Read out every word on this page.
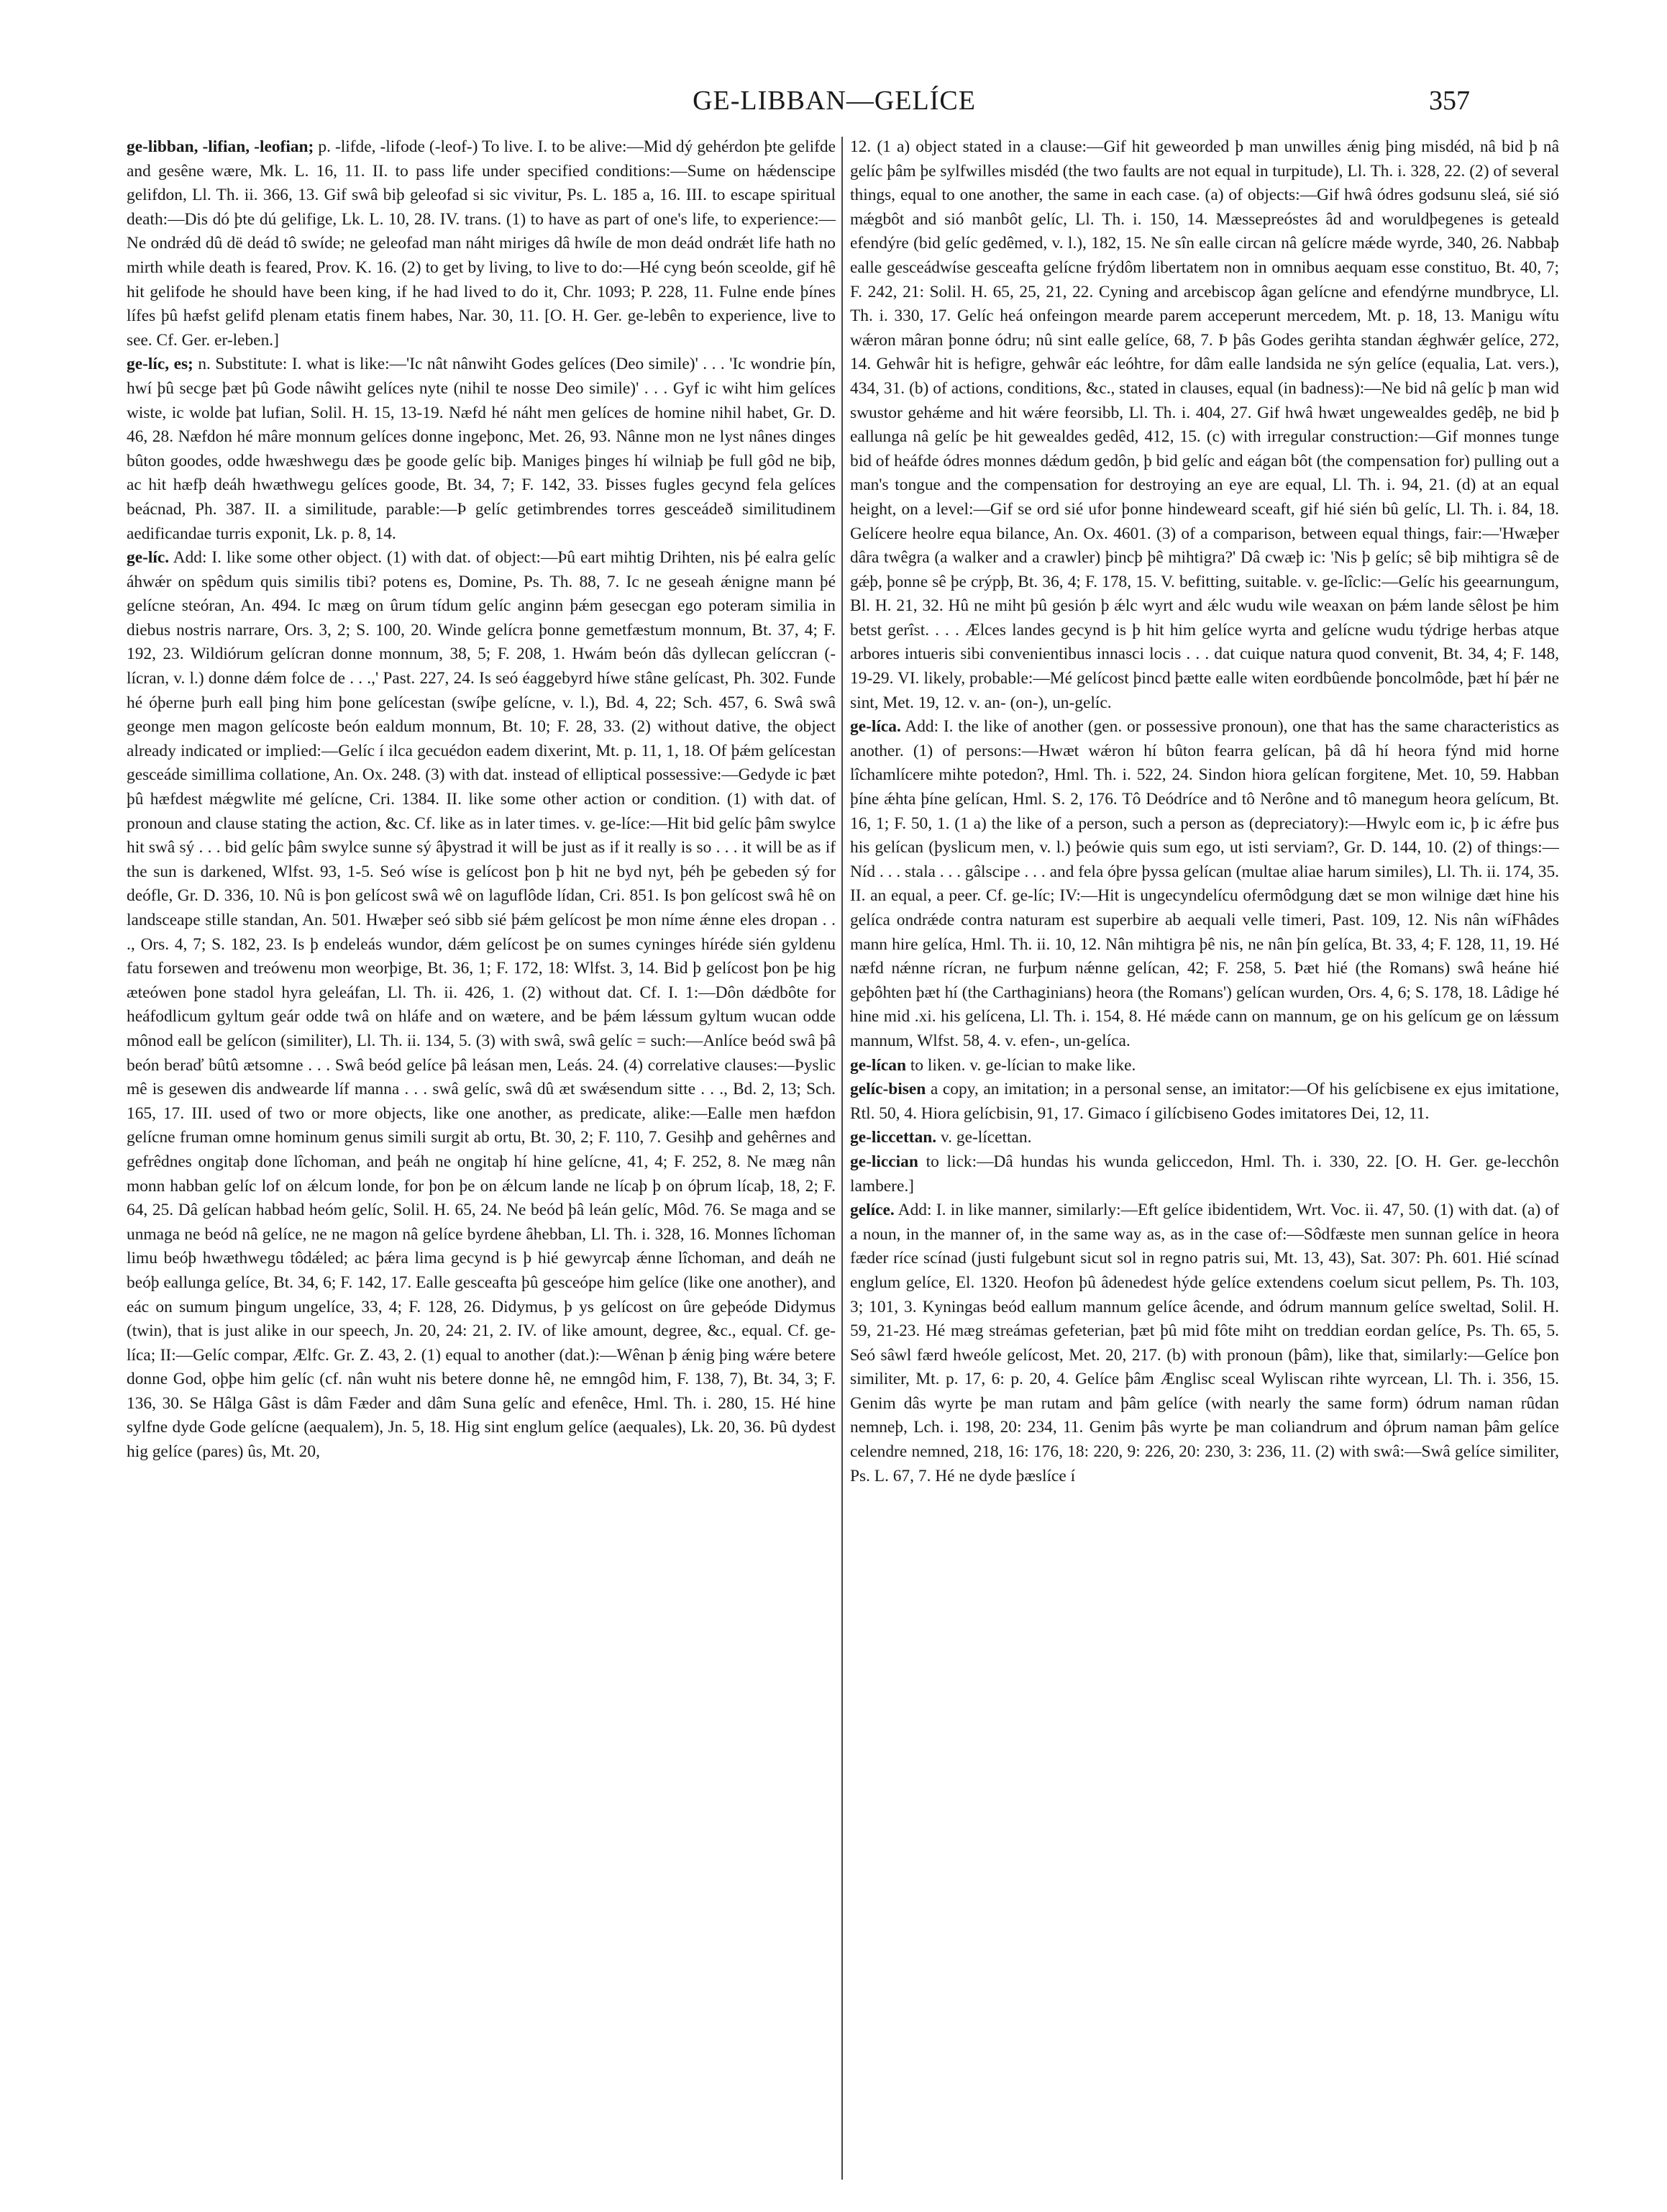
GE-LIBBAN—GELÍCE	357

ge-libban, -lifian, -leofian; p. -lifde, -lifode (-leof-) To live. I. to be alive:—Mid dý gehérdon þte gelifde and gesêne wære, Mk. L. 16, 11. II. to pass life under specified conditions:—Sume on hǽdenscipe gelifdon, Ll. Th. ii. 366, 13. Gif swâ biþ geleofad si sic vivitur, Ps. L. 185 a, 16. III. to escape spiritual death:—Dis dó þte dú gelifige, Lk. L. 10, 28. IV. trans. (1) to have as part of one's life, to experience:—Ne ondrǽd dû dë deád tô swíde; ne geleofad man náht miriges dâ hwíle de mon deád ondrǽt life hath no mirth while death is feared, Prov. K. 16. (2) to get by living, to live to do:—Hé cyng beón sceolde, gif hê hit gelifode he should have been king, if he had lived to do it, Chr. 1093; P. 228, 11. Fulne ende þínes lífes þû hæfst gelifd plenam etatis finem habes, Nar. 30, 11. [O. H. Ger. ge-lebên to experience, live to see. Cf. Ger. er-leben.]

ge-líc, es; n. Substitute: I. what is like:—'Ic nât nânwiht Godes gelíces (Deo simile)' . . . 'Ic wondrie þín, hwí þû secge þæt þû Gode nâwiht gelíces nyte (nihil te nosse Deo simile)' . . . Gyf ic wiht him gelíces wiste, ic wolde þat lufian, Solil. H. 15, 13-19. Næfd hé náht men gelíces de homine nihil habet, Gr. D. 46, 28. Næfdon hé mâre monnum gelíces donne ingeþonc, Met. 26, 93. Nânne mon ne lyst nânes dinges bûton goodes, odde hwæshwegu dæs þe goode gelíc biþ. Maniges þinges hí wilniaþ þe full gôd ne biþ, ac hit hæfþ deáh hwæthwegu gelíces goode, Bt. 34, 7; F. 142, 33. Þisses fugles gecynd fela gelíces beácnad, Ph. 387. II. a similitude, parable:—Þ gelíc getimbrendes torres gesceádeð similitudinem aedificandae turris exponit, Lk. p. 8, 14.

ge-líc. Add: I. like some other object. (1) with dat. of object:—Þû eart mihtig Drihten, nis þé ealra gelíc áhwǽr on spêdum quis similis tibi? potens es, Domine, Ps. Th. 88, 7. Ic ne geseah ǽnigne mann þé gelícne steóran, An. 494. Ic mæg on ûrum tídum gelíc anginn þǽm gesecgan ego poteram similia in diebus nostris narrare, Ors. 3, 2; S. 100, 20. Winde gelícra þonne gemetfæstum monnum, Bt. 37, 4; F. 192, 23. Wildiórum gelícran donne monnum, 38, 5; F. 208, 1. Hwám beón dâs dyllecan gelíccran (-lícran, v. l.) donne dǽm folce de . . .,' Past. 227, 24. Is seó éaggebyrd híwe stâne gelícast, Ph. 302. Funde hé óþerne þurh eall þing him þone gelícestan (swíþe gelícne, v. l.), Bd. 4, 22; Sch. 457, 6. Swâ swâ geonge men magon gelícoste beón ealdum monnum, Bt. 10; F. 28, 33. (2) without dative, the object already indicated or implied:—Gelíc í ilca gecuédon eadem dixerint, Mt. p. 11, 1, 18. Of þǽm gelícestan gesceáde simillima collatione, An. Ox. 248. (3) with dat. instead of elliptical possessive:—Gedyde ic þæt þû hæfdest mǽgwlite mé gelícne, Cri. 1384. II. like some other action or condition. (1) with dat. of pronoun and clause stating the action, &c. Cf. like as in later times. v. ge-líce:—Hit bid gelíc þâm swylce hit swâ sý . . . bid gelíc þâm swylce sunne sý âþystrad it will be just as if it really is so . . . it will be as if the sun is darkened, Wlfst. 93, 1-5. Seó wíse is gelícost þon þ hit ne byd nyt, þéh þe gebeden sý for deófle, Gr. D. 336, 10. Nû is þon gelícost swâ wê on laguflôde lídan, Cri. 851. Is þon gelícost swâ hê on landsceape stille standan, An. 501. Hwæþer seó sibb sié þǽm gelícost þe mon níme ǽnne eles dropan . . ., Ors. 4, 7; S. 182, 23. Is þ endeleás wundor, dǽm gelícost þe on sumes cyninges híréde sién gyldenu fatu forsewen and treówenu mon weorþige, Bt. 36, 1; F. 172, 18: Wlfst. 3, 14. Bid þ gelícost þon þe hig æteówen þone stadol hyra geleáfan, Ll. Th. ii. 426, 1. (2) without dat. Cf. I. 1:—Dôn dǽdbôte for heáfodlicum gyltum geár odde twâ on hláfe and on wætere, and be þǽm lǽssum gyltum wucan odde mônod eall be gelícon (similiter), Ll. Th. ii. 134, 5. (3) with swâ, swâ gelíc = such:—Anlíce beód swâ þâ beón beraď bûtû ætsomne . . . Swâ beód gelíce þâ leásan men, Leás. 24. (4) correlative clauses:—Þyslic mê is gesewen dis andwearde líf manna . . . swâ gelíc, swâ dû æt swǽsendum sitte . . ., Bd. 2, 13; Sch. 165, 17. III. used of two or more objects, like one another, as predicate, alike:—Ealle men hæfdon gelícne fruman omne hominum genus simili surgit ab ortu, Bt. 30, 2; F. 110, 7. Gesihþ and gehêrnes and gefrêdnes ongitaþ done lîchoman, and þeáh ne ongitaþ hí hine gelícne, 41, 4; F. 252, 8. Ne mæg nân monn habban gelíc lof on ǽlcum londe, for þon þe on ǽlcum lande ne lícaþ þ on óþrum lícaþ, 18, 2; F. 64, 25. Dâ gelícan habbad heóm gelíc, Solil. H. 65, 24. Ne beód þâ leán gelíc, Môd. 76. Se maga and se unmaga ne beód nâ gelíce, ne ne magon nâ gelíce byrdene âhebban, Ll. Th. i. 328, 16. Monnes lîchoman limu beóþ hwæthwegu tôdǽled; ac þǽra lima gecynd is þ hié gewyrcaþ ǽnne lîchoman, and deáh ne beóþ eallunga gelíce, Bt. 34, 6; F. 142, 17. Ealle gesceafta þû gesceópe him gelíce (like one another), and eác on sumum þingum ungelíce, 33, 4; F. 128, 26. Didymus, þ ys gelícost on ûre geþeóde Didymus (twin), that is just alike in our speech, Jn. 20, 24: 21, 2. IV. of like amount, degree, &c., equal. Cf. ge-líca; II:—Gelíc compar, Ælfc. Gr. Z. 43, 2. (1) equal to another (dat.):—Wênan þ ǽnig þing wǽre betere donne God, oþþe him gelíc (cf. nân wuht nis betere donne hê, ne emngôd him, F. 138, 7), Bt. 34, 3; F. 136, 30. Se Hâlga Gâst is dâm Fæder and dâm Suna gelíc and efenêce, Hml. Th. i. 280, 15. Hé hine sylfne dyde Gode gelícne (aequalem), Jn. 5, 18. Hig sint englum gelíce (aequales), Lk. 20, 36. Þû dydest hig gelíce (pares) ûs, Mt. 20,

12. (1 a) object stated in a clause:—Gif hit geweorded þ man unwilles ǽnig þing misdéd, nâ bid þ nâ gelíc þâm þe sylfwilles misdéd (the two faults are not equal in turpitude), Ll. Th. i. 328, 22. (2) of several things, equal to one another, the same in each case. (a) of objects:—Gif hwâ ódres godsunu sleá, sié sió mǽgbôt and sió manbôt gelíc, Ll. Th. i. 150, 14. Mæssepreóstes âd and woruldþegenes is geteald efendýre (bid gelíc gedêmed, v. l.), 182, 15. Ne sîn ealle circan nâ gelícre mǽde wyrde, 340, 26. Nabbaþ ealle gesceádwíse gesceafta gelícne frýdôm libertatem non in omnibus aequam esse constituo, Bt. 40, 7; F. 242, 21: Solil. H. 65, 25, 21, 22. Cyning and arcebiscop âgan gelícne and efendýrne mundbryce, Ll. Th. i. 330, 17. Gelíc heá onfeingon mearde parem acceperunt mercedem, Mt. p. 18, 13. Manigu wítu wǽron mâran þonne ódru; nû sint ealle gelíce, 68, 7. Þ þâs Godes gerihta standan ǽghwǽr gelíce, 272, 14. Gehwâr hit is hefigre, gehwâr eác leóhtre, for dâm ealle landsida ne sýn gelíce (equalia, Lat. vers.), 434, 31. (b) of actions, conditions, &c., stated in clauses, equal (in badness):—Ne bid nâ gelíc þ man wid swustor gehǽme and hit wǽre feorsibb, Ll. Th. i. 404, 27. Gif hwâ hwæt ungewealdes gedêþ, ne bid þ eallunga nâ gelíc þe hit gewealdes gedêd, 412, 15. (c) with irregular construction:—Gif monnes tunge bid of heáfde ódres monnes dǽdum gedôn, þ bid gelíc and eágan bôt (the compensation for) pulling out a man's tongue and the compensation for destroying an eye are equal, Ll. Th. i. 94, 21. (d) at an equal height, on a level:—Gif se ord sié ufor þonne hindeweard sceaft, gif hié sién bû gelíc, Ll. Th. i. 84, 18. Gelícere heolre equa bilance, An. Ox. 4601. (3) of a comparison, between equal things, fair:—'Hwæþer dâra twêgra (a walker and a crawler) þincþ þê mihtigra?' Dâ cwæþ ic: 'Nis þ gelíc; sê biþ mihtigra sê de gǽþ, þonne sê þe crýpþ, Bt. 36, 4; F. 178, 15. V. befitting, suitable. v. ge-lîclic:—Gelíc his geearnungum, Bl. H. 21, 32. Hû ne miht þû gesión þ ǽlc wyrt and ǽlc wudu wile weaxan on þǽm lande sêlost þe him betst gerîst. . . . Ælces landes gecynd is þ hit him gelíce wyrta and gelícne wudu týdrige herbas atque arbores intueris sibi convenientibus innasci locis . . . dat cuique natura quod convenit, Bt. 34, 4; F. 148, 19-29. VI. likely, probable:—Mé gelícost þincd þætte ealle witen eordbûende þoncolmôde, þæt hí þǽr ne sint, Met. 19, 12. v. an- (on-), un-gelíc.

ge-líca. Add: I. the like of another (gen. or possessive pronoun), one that has the same characteristics as another. (1) of persons:—Hwæt wǽron hí bûton fearra gelícan, þâ dâ hí heora fýnd mid horne lîchamlícere mihte potedon?, Hml. Th. i. 522, 24. Sindon hiora gelícan forgitene, Met. 10, 59. Habban þíne ǽhta þíne gelícan, Hml. S. 2, 176. Tô Deódríce and tô Nerône and tô manegum heora gelícum, Bt. 16, 1; F. 50, 1. (1 a) the like of a person, such a person as (depreciatory):—Hwylc eom ic, þ ic ǽfre þus his gelícan (þyslicum men, v. l.) þeówie quis sum ego, ut isti serviam?, Gr. D. 144, 10. (2) of things:—Níd . . . stala . . . gâlscipe . . . and fela óþre þyssa gelícan (multae aliae harum similes), Ll. Th. ii. 174, 35. II. an equal, a peer. Cf. ge-líc; IV:—Hit is ungecyndelícu ofermôdgung dæt se mon wilnige dæt hine his gelíca ondrǽde contra naturam est superbire ab aequali velle timeri, Past. 109, 12. Nis nân wíFhâdes mann hire gelíca, Hml. Th. ii. 10, 12. Nân mihtigra þê nis, ne nân þín gelíca, Bt. 33, 4; F. 128, 11, 19. Hé næfd nǽnne rícran, ne furþum nǽnne gelícan, 42; F. 258, 5. Þæt hié (the Romans) swâ heáne hié geþôhten þæt hí (the Carthaginians) heora (the Romans') gelícan wurden, Ors. 4, 6; S. 178, 18. Lâdige hé hine mid .xi. his gelícena, Ll. Th. i. 154, 8. Hé mǽde cann on mannum, ge on his gelícum ge on lǽssum mannum, Wlfst. 58, 4. v. efen-, un-gelíca.

ge-lícan to liken. v. ge-lícian to make like.

gelíc-bisen a copy, an imitation; in a personal sense, an imitator:—Of his gelícbisene ex ejus imitatione, Rtl. 50, 4. Hiora gelícbisin, 91, 17. Gimaco í gilícbiseno Godes imitatores Dei, 12, 11.

ge-liccettan. v. ge-lícettan.

ge-liccian to lick:—Dâ hundas his wunda geliccedon, Hml. Th. i. 330, 22. [O. H. Ger. ge-lecchôn lambere.]

gelíce. Add: I. in like manner, similarly:—Eft gelíce ibidentidem, Wrt. Voc. ii. 47, 50. (1) with dat. (a) of a noun, in the manner of, in the same way as, as in the case of:—Sôdfæste men sunnan gelíce in heora fæder ríce scínad (justi fulgebunt sicut sol in regno patris sui, Mt. 13, 43), Sat. 307: Ph. 601. Hié scínad englum gelíce, El. 1320. Heofon þû âdenedest hýde gelíce extendens coelum sicut pellem, Ps. Th. 103, 3; 101, 3. Kyningas beód eallum mannum gelíce âcende, and ódrum mannum gelíce sweltad, Solil. H. 59, 21-23. Hé mæg streámas gefeterian, þæt þû mid fôte miht on treddian eordan gelíce, Ps. Th. 65, 5. Seó sâwl færd hweóle gelícost, Met. 20, 217. (b) with pronoun (þâm), like that, similarly:—Gelíce þon similiter, Mt. p. 17, 6: p. 20, 4. Gelíce þâm Ænglisc sceal Wyliscan rihte wyrcean, Ll. Th. i. 356, 15. Genim dâs wyrte þe man rutam and þâm gelíce (with nearly the same form) ódrum naman rûdan nemneþ, Lch. i. 198, 20: 234, 11. Genim þâs wyrte þe man coliandrum and óþrum naman þâm gelíce celendre nemned, 218, 16: 176, 18: 220, 9: 226, 20: 230, 3: 236, 11. (2) with swâ:—Swâ gelíce similiter, Ps. L. 67, 7. Hé ne dyde þæslíce í
